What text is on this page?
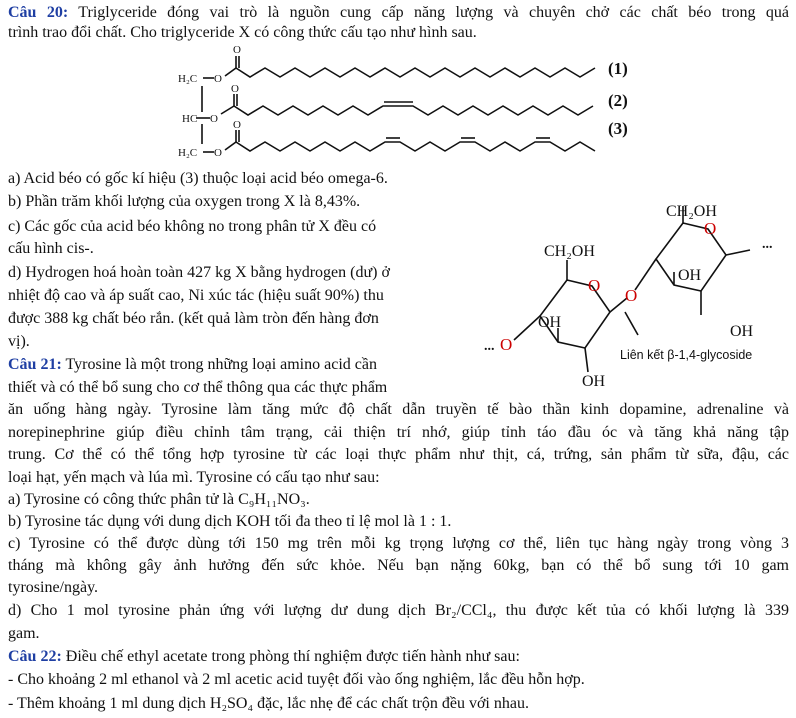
Câu 20: Triglyceride đóng vai trò là nguồn cung cấp năng lượng và chuyên chở các chất béo trong quá
trình trao đổi chất. Cho triglyceride X có công thức cấu tạo như hình sau.
H₂C
HC
H₂C
O
O
O
O
O
O
(1)
(2)
(3)
a) Acid béo có gốc kí hiệu (3) thuộc loại acid béo omega-6.
b) Phần trăm khối lượng của oxygen trong X là 8,43%.
c) Các gốc của acid béo không no trong phân tử X đều có
cấu hình cis-.
d) Hydrogen hoá hoàn toàn 427 kg X bằng hydrogen (dư) ở
nhiệt độ cao và áp suất cao, Ni xúc tác (hiệu suất 90%) thu
được 388 kg chất béo rắn. (kết quả làm tròn đến hàng đơn
vị).
O
O
O
O
CH₂OH
OH
OH
CH₂OH
OH
OH
...
...
Liên kết β-1,4-glycoside
Câu 21: Tyrosine là một trong những loại amino acid cần
thiết và có thể bổ sung cho cơ thể thông qua các thực phẩm
ăn uống hàng ngày. Tyrosine làm tăng mức độ chất dẫn truyền tế bào thần kinh dopamine, adrenaline và
norepinephrine giúp điều chỉnh tâm trạng, cải thiện trí nhớ, giúp tỉnh táo đầu óc và tăng khả năng tập
trung. Cơ thể có thể tổng hợp tyrosine từ các loại thực phẩm như thịt, cá, trứng, sản phẩm từ sữa, đậu, các
loại hạt, yến mạch và lúa mì. Tyrosine có cấu tạo như sau:
a) Tyrosine có công thức phân tử là C₉H₁₁NO₃.
b) Tyrosine tác dụng với dung dịch KOH tối đa theo tỉ lệ mol là 1 : 1.
c) Tyrosine có thể được dùng tới 150 mg trên mỗi kg trọng lượng cơ thể, liên tục hàng ngày trong vòng 3
tháng mà không gây ảnh hưởng đến sức khỏe. Nếu bạn nặng 60kg, bạn có thể bổ sung tới 10 gam
tyrosine/ngày.
d) Cho 1 mol tyrosine phản ứng với lượng dư dung dịch Br₂/CCl₄, thu được kết tủa có khối lượng là 339
gam.
Câu 22: Điều chế ethyl acetate trong phòng thí nghiệm được tiến hành như sau:
- Cho khoảng 2 ml ethanol và 2 ml acetic acid tuyệt đối vào ống nghiệm, lắc đều hỗn hợp.
- Thêm khoảng 1 ml dung dịch H₂SO₄ đặc, lắc nhẹ để các chất trộn đều với nhau.
